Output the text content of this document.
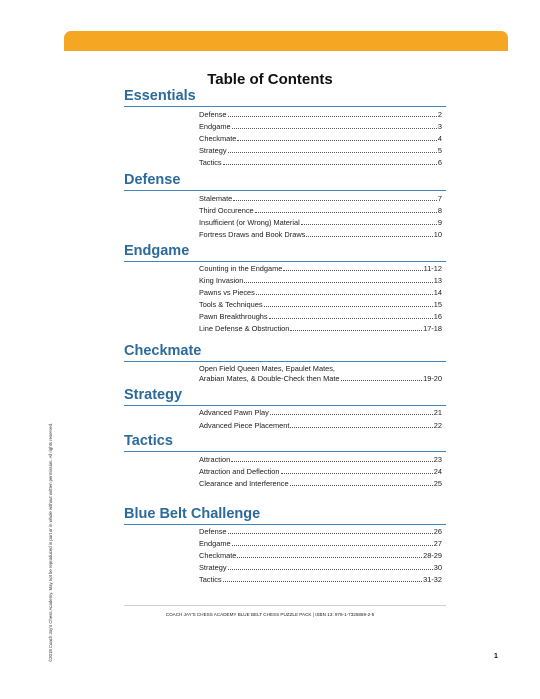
©2018 Coach Jay's Chess Academy. May not be reproduced in part or in whole without written permission. All rights reserved.
Table of Contents
Essentials
Defense	2
Endgame	3
Checkmate	4
Strategy	5
Tactics	6
Defense
Stalemate	7
Third Occurence	8
Insufficient (or Wrong) Material	9
Fortress Draws and Book Draws	10
Endgame
Counting in the Endgame	11-12
King Invasion	13
Pawns vs Pieces	14
Tools & Techniques	15
Pawn Breakthroughs	16
Line Defense & Obstruction	17-18
Checkmate
Open Field Queen Mates, Epaulet Mates,
Arabian Mates, & Double-Check then Mate	19-20
Strategy
Advanced Pawn Play	21
Advanced Piece Placement	22
Tactics
Attraction	23
Attraction and Deflection	24
Clearance and Interference	25
Blue Belt Challenge
Defense	26
Endgame	27
Checkmate	28-29
Strategy	30
Tactics	31-32
COACH JAY'S CHESS ACADEMY BLUE BELT CHESS PUZZLE PACK | ISBN 13: 978-1-7325869-2-5
1
